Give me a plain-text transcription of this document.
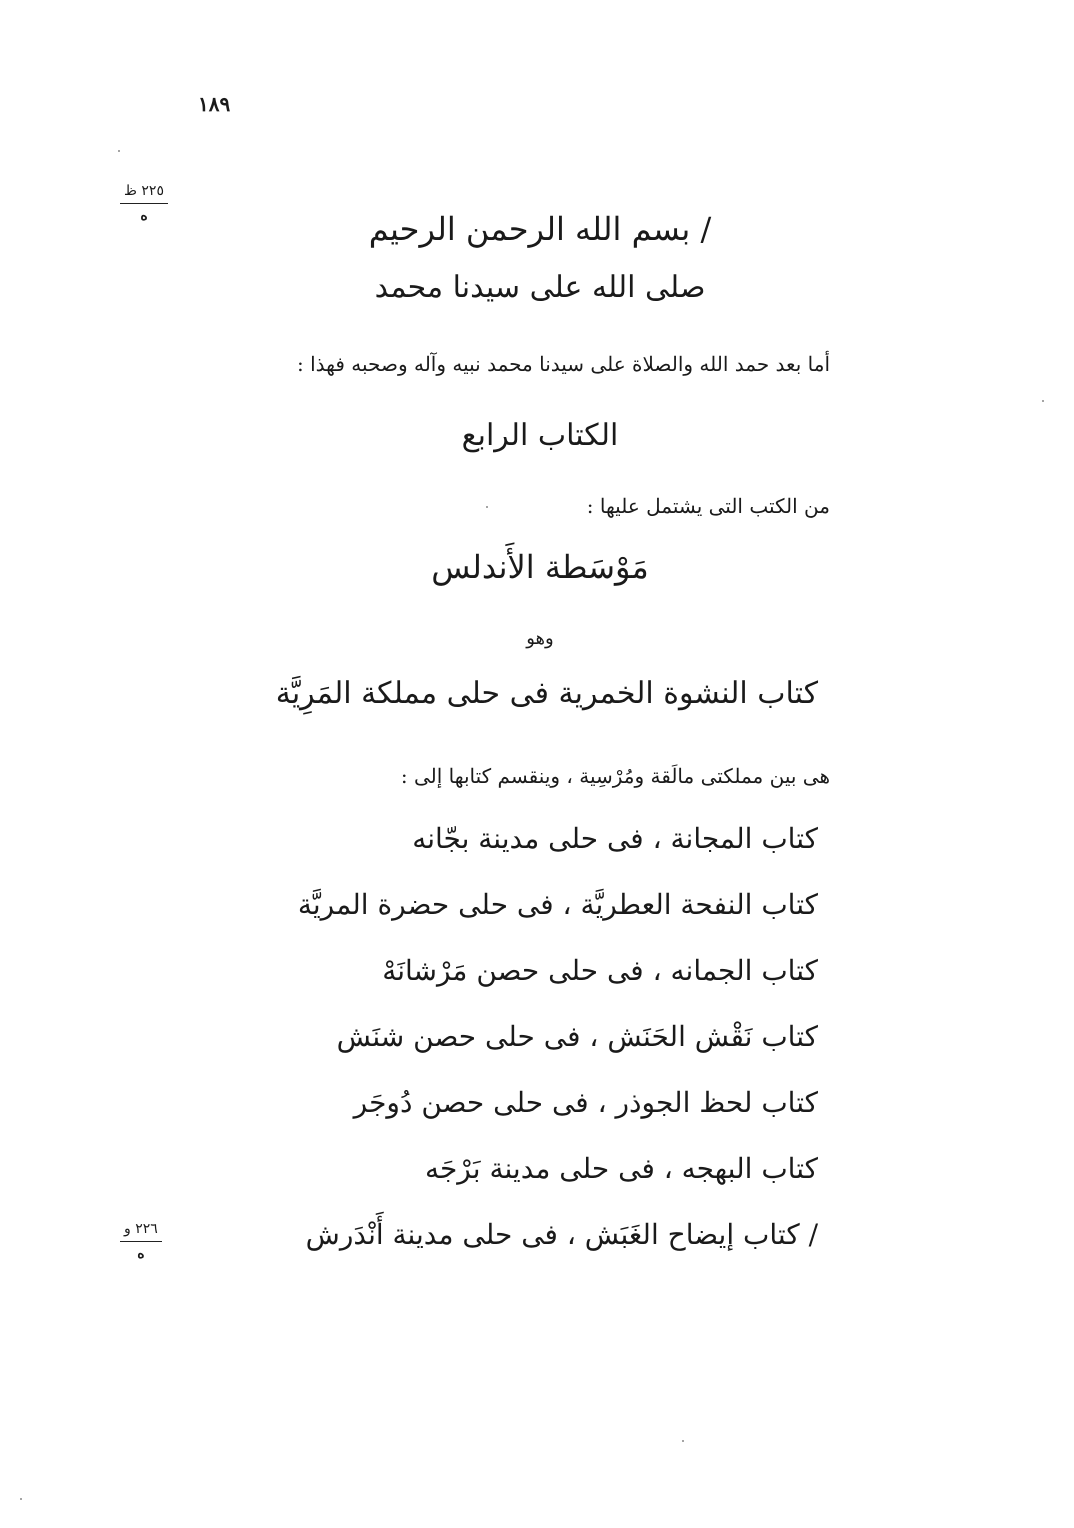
١٨٩
٢٢٥ ظ
ه
٢٢٦ و
ه
/ بسم الله الرحمن الرحيم
صلى الله على سيدنا محمد
أما بعد حمد الله والصلاة على سيدنا محمد نبيه وآله وصحبه فهذا :
الكتاب الرابع
من الكتب التى يشتمل عليها :
مَوْسَطة الأَندلس
وهو
كتاب النشوة الخمرية فى حلى مملكة المَرِيَّة
هى بين مملكتى مالَقة ومُرْسِية ، وينقسم كتابها إلى :
كتاب المجانة ، فى حلى مدينة بجّانه
كتاب النفحة العطريَّة ، فى حلى حضرة المريَّة
كتاب الجمانه ، فى حلى حصن مَرْشانَهْ
كتاب نَقْش الحَنَش ، فى حلى حصن شنَش
كتاب لحظ الجوذر ، فى حلى حصن دُوجَر
كتاب البهجه ، فى حلى مدينة بَرْجَه
/ كتاب إيضاح الغَبَش ، فى حلى مدينة أَنْدَرش
